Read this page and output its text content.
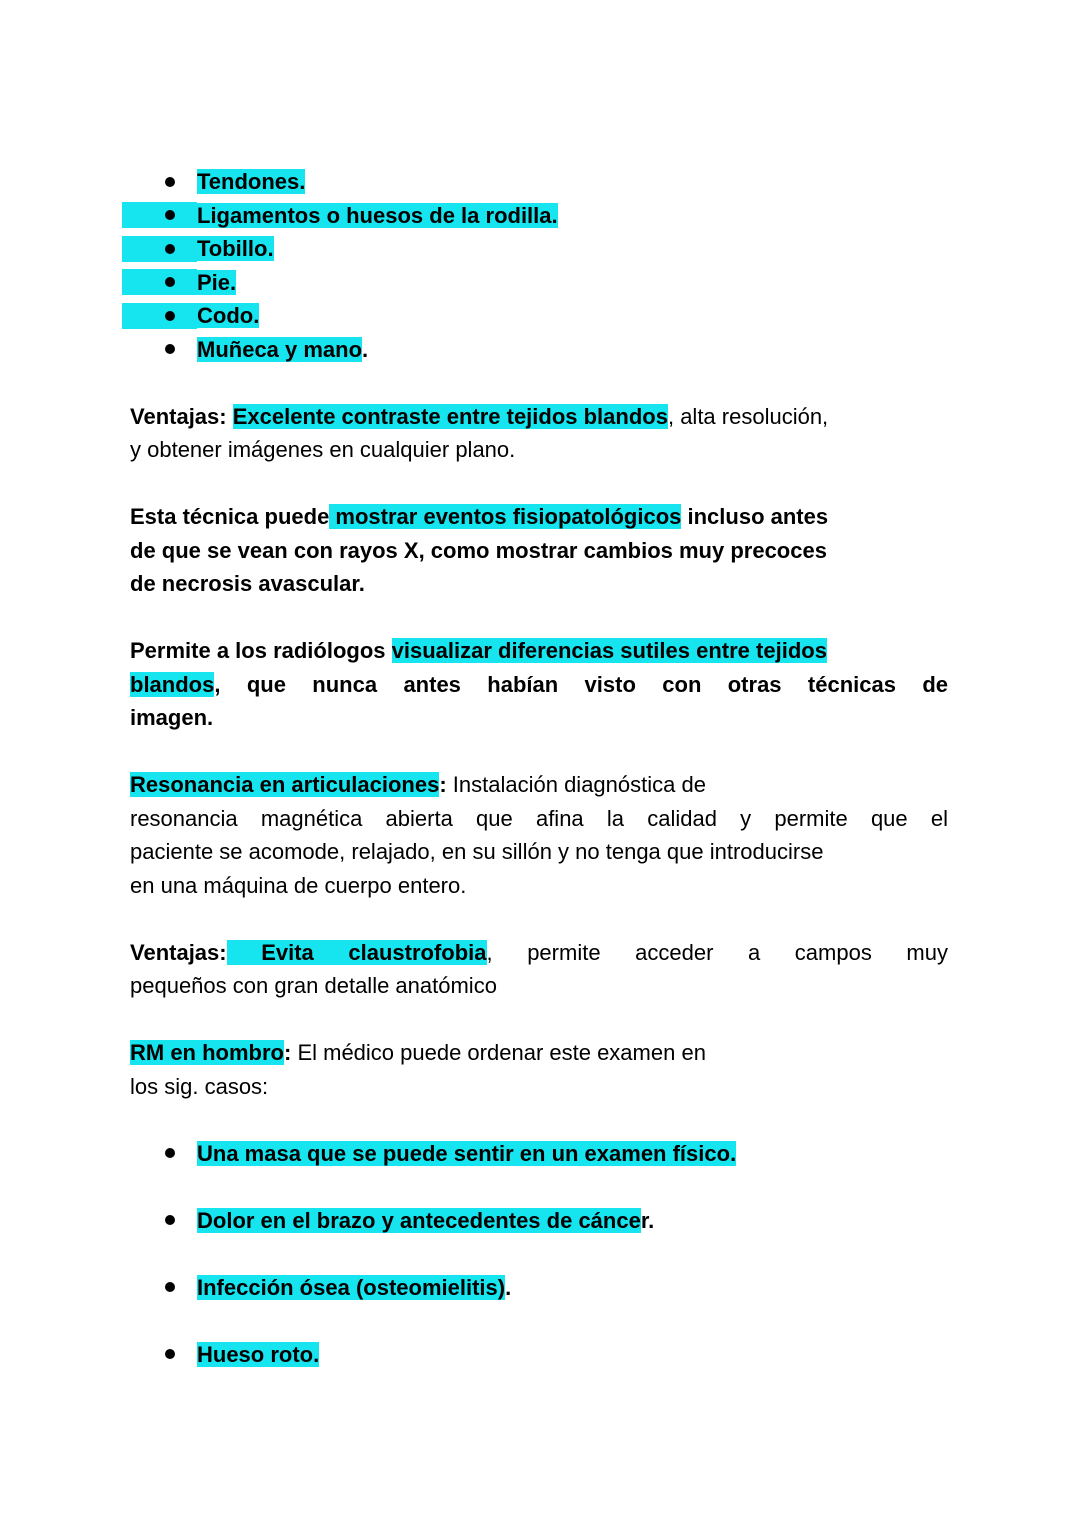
Tendones.
Ligamentos o huesos de la rodilla.
Tobillo.
Pie.
Codo.
Muñeca y mano.
Ventajas: Excelente contraste entre tejidos blandos, alta resolución,
y obtener imágenes en cualquier plano.
Esta técnica puede mostrar eventos fisiopatológicos incluso antes
de que se vean con rayos X, como mostrar cambios muy precoces
de necrosis avascular.
Permite a los radiólogos visualizar diferencias sutiles entre tejidos
blandos, que nunca antes habían visto con otras técnicas de
imagen.
Resonancia en articulaciones: Instalación diagnóstica de
resonancia magnética abierta que afina la calidad y permite que el
paciente se acomode, relajado, en su sillón y no tenga que introducirse
en una máquina de cuerpo entero.
Ventajas: Evita claustrofobia, permite acceder a campos muy
pequeños con gran detalle anatómico
RM en hombro: El médico puede ordenar este examen en
los sig. casos:
Una masa que se puede sentir en un examen físico.
Dolor en el brazo y antecedentes de cáncer.
Infección ósea (osteomielitis).
Hueso roto.
